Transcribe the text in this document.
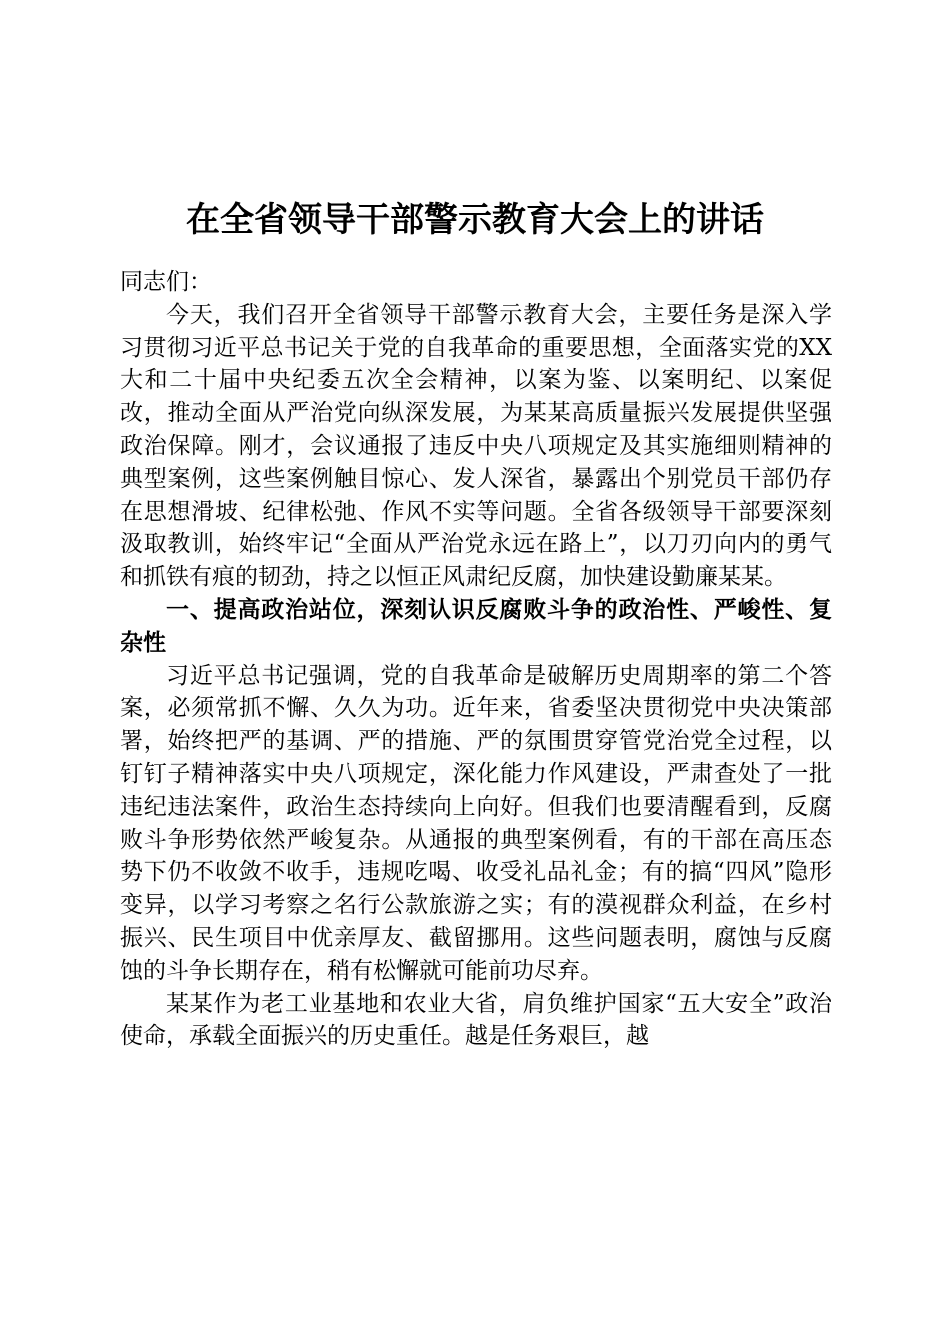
在全省领导干部警示教育大会上的讲话

同志们：

今天，我们召开全省领导干部警示教育大会，主要任务是深入学习贯彻习近平总书记关于党的自我革命的重要思想，全面落实党的XX大和二十届中央纪委五次全会精神，以案为鉴、以案明纪、以案促改，推动全面从严治党向纵深发展，为某某高质量振兴发展提供坚强政治保障。刚才，会议通报了违反中央八项规定及其实施细则精神的典型案例，这些案例触目惊心、发人深省，暴露出个别党员干部仍存在思想滑坡、纪律松弛、作风不实等问题。全省各级领导干部要深刻汲取教训，始终牢记“全面从严治党永远在路上”，以刀刃向内的勇气和抓铁有痕的韧劲，持之以恒正风肃纪反腐，加快建设勤廉某某。

一、提高政治站位，深刻认识反腐败斗争的政治性、严峻性、复杂性

习近平总书记强调，党的自我革命是破解历史周期率的第二个答案，必须常抓不懈、久久为功。近年来，省委坚决贯彻党中央决策部署，始终把严的基调、严的措施、严的氛围贯穿管党治党全过程，以钉钉子精神落实中央八项规定，深化能力作风建设，严肃查处了一批违纪违法案件，政治生态持续向上向好。但我们也要清醒看到，反腐败斗争形势依然严峻复杂。从通报的典型案例看，有的干部在高压态势下仍不收敛不收手，违规吃喝、收受礼品礼金；有的搞“四风”隐形变异，以学习考察之名行公款旅游之实；有的漠视群众利益，在乡村振兴、民生项目中优亲厚友、截留挪用。这些问题表明，腐蚀与反腐蚀的斗争长期存在，稍有松懈就可能前功尽弃。

某某作为老工业基地和农业大省，肩负维护国家“五大安全”政治使命，承载全面振兴的历史重任。越是任务艰巨，越
